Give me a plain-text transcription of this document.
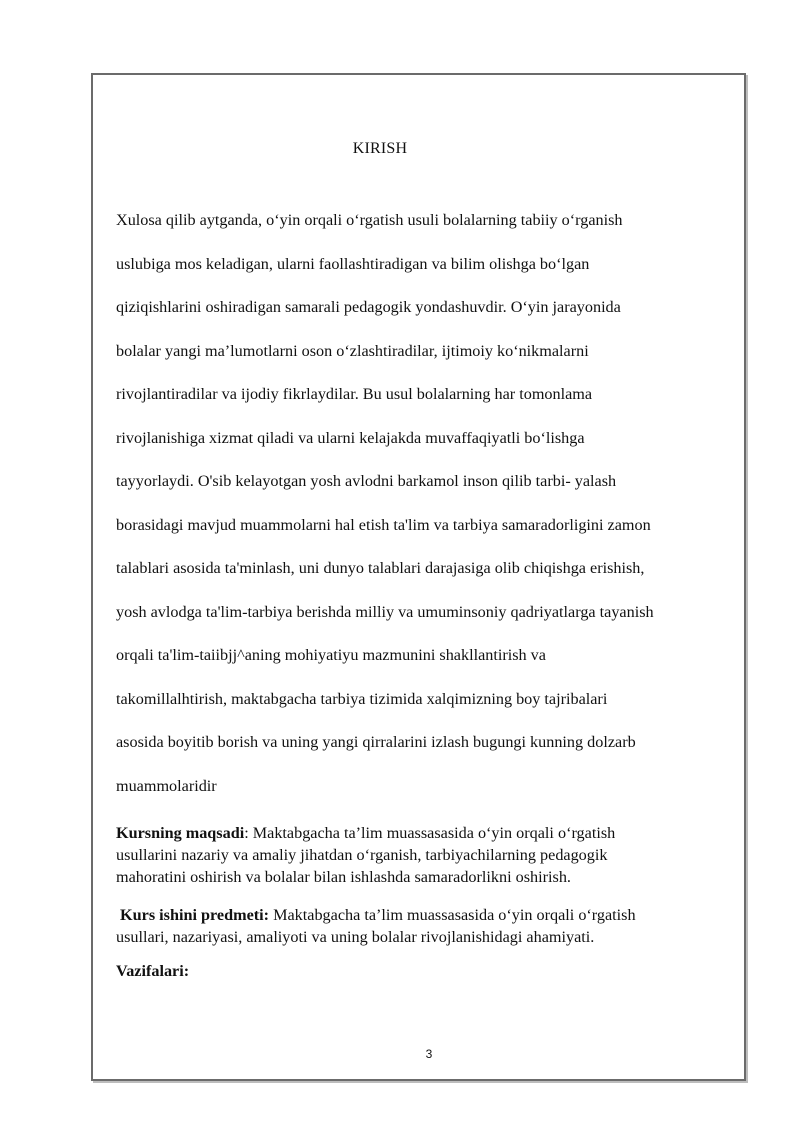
KIRISH
Xulosa qilib aytganda, o‘yin orqali o‘rgatish usuli bolalarning tabiiy o‘rganish
uslubiga mos keladigan, ularni faollashtiradigan va bilim olishga bo‘lgan
qiziqishlarini oshiradigan samarali pedagogik yondashuvdir. O‘yin jarayonida
bolalar yangi ma’lumotlarni oson o‘zlashtiradilar, ijtimoiy ko‘nikmalarni
rivojlantiradilar va ijodiy fikrlaydilar. Bu usul bolalarning har tomonlama
rivojlanishiga xizmat qiladi va ularni kelajakda muvaffaqiyatli bo‘lishga
tayyorlaydi. O'sib kelayotgan yosh avlodni barkamol inson qilib tarbi- yalash
borasidagi mavjud muammolarni hal etish ta'lim va tarbiya samaradorligini zamon
talablari asosida ta'minlash, uni dunyo talablari darajasiga olib chiqishga erishish,
yosh avlodga ta'lim-tarbiya berishda milliy va umuminsoniy qadriyatlarga tayanish
orqali ta'lim-taiibjj^aning mohiyatiyu mazmunini shakllantirish va
takomillalhtirish, maktabgacha tarbiya tizimida xalqimizning boy tajribalari
asosida boyitib borish va uning yangi qirralarini izlash bugungi kunning dolzarb
muammolaridir
Kursning maqsadi: Maktabgacha ta’lim muassasasida o‘yin orqali o‘rgatish
usullarini nazariy va amaliy jihatdan o‘rganish, tarbiyachilarning pedagogik
mahoratini oshirish va bolalar bilan ishlashda samaradorlikni oshirish.
Kurs ishini predmeti: Maktabgacha ta’lim muassasasida o‘yin orqali o‘rgatish
usullari, nazariyasi, amaliyoti va uning bolalar rivojlanishidagi ahamiyati.
Vazifalari:
3
